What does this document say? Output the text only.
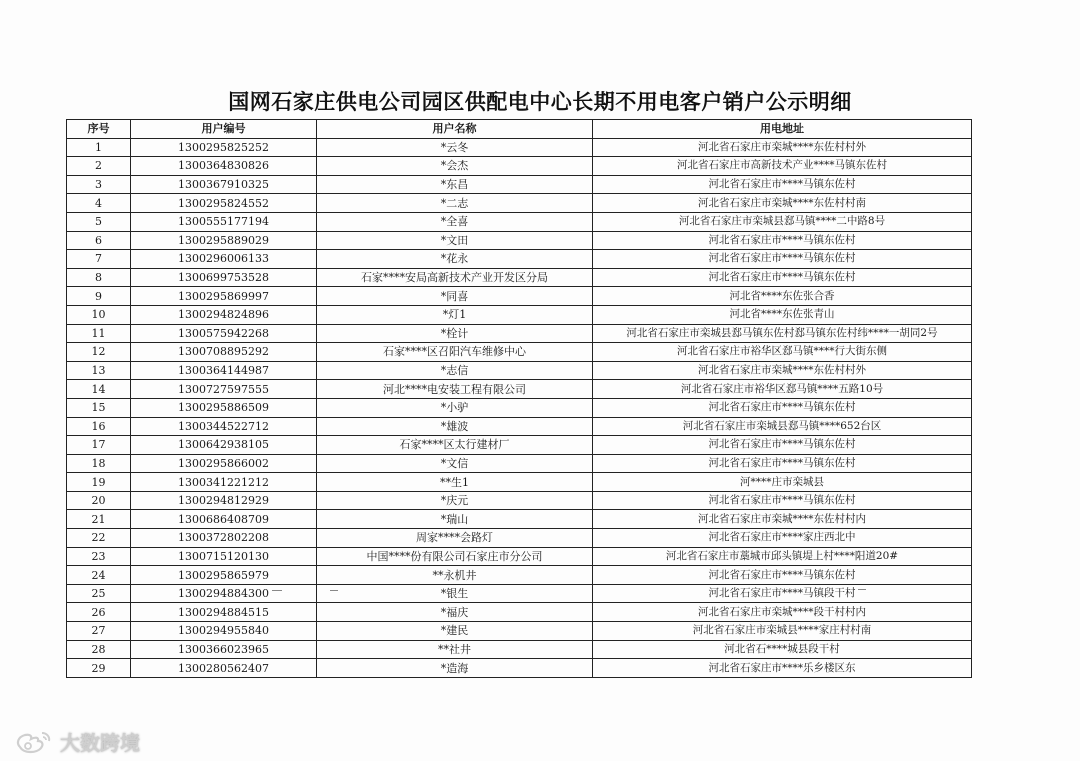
国网石家庄供电公司园区供配电中心长期不用电客户销户公示明细
序号	用户编号	用户名称	用电地址
1	1300295825252	*云冬	河北省石家庄市栾城****东佐村村外
2	1300364830826	*会杰	河北省石家庄市高新技术产业****马镇东佐村
3	1300367910325	*东昌	河北省石家庄市****马镇东佐村
4	1300295824552	*二志	河北省石家庄市栾城****东佐村村南
5	1300555177194	*全喜	河北省石家庄市栾城县郄马镇****二中路8号
6	1300295889029	*文田	河北省石家庄市****马镇东佐村
7	1300296006133	*花永	河北省石家庄市****马镇东佐村
8	1300699753528	石家****安局高新技术产业开发区分局	河北省石家庄市****马镇东佐村
9	1300295869997	*同喜	河北省****东佐张合香
10	1300294824896	*灯1	河北省****东佐张青山
11	1300575942268	*栓计	河北省石家庄市栾城县郄马镇东佐村郄马镇东佐村纬****一胡同2号
12	1300708895292	石家****区召阳汽车维修中心	河北省石家庄市裕华区郄马镇****行大街东侧
13	1300364144987	*志信	河北省石家庄市栾城****东佐村村外
14	1300727597555	河北****电安装工程有限公司	河北省石家庄市裕华区郄马镇****五路10号
15	1300295886509	*小驴	河北省石家庄市****马镇东佐村
16	1300344522712	*雄波	河北省石家庄市栾城县郄马镇****652台区
17	1300642938105	石家****区太行建材厂	河北省石家庄市****马镇东佐村
18	1300295866002	*文信	河北省石家庄市****马镇东佐村
19	1300341221212	**生1	河****庄市栾城县
20	1300294812929	*庆元	河北省石家庄市****马镇东佐村
21	1300686408709	*瑞山	河北省石家庄市栾城****东佐村村内
22	1300372802208	周家****会路灯	河北省石家庄市****家庄西北中
23	1300715120130	中国****份有限公司石家庄市分公司	河北省石家庄市藁城市邱头镇堤上村****阳道20#
24	1300295865979	**永机井	河北省石家庄市****马镇东佐村
25	1300294884300	*银生	河北省石家庄市****马镇段干村
26	1300294884515	*福庆	河北省石家庄市栾城****段干村村内
27	1300294955840	*建民	河北省石家庄市栾城县****家庄村村南
28	1300366023965	**社井	河北省石****城县段干村
29	1300280562407	*造海	河北省石家庄市****乐乡楼区东
大数跨境
